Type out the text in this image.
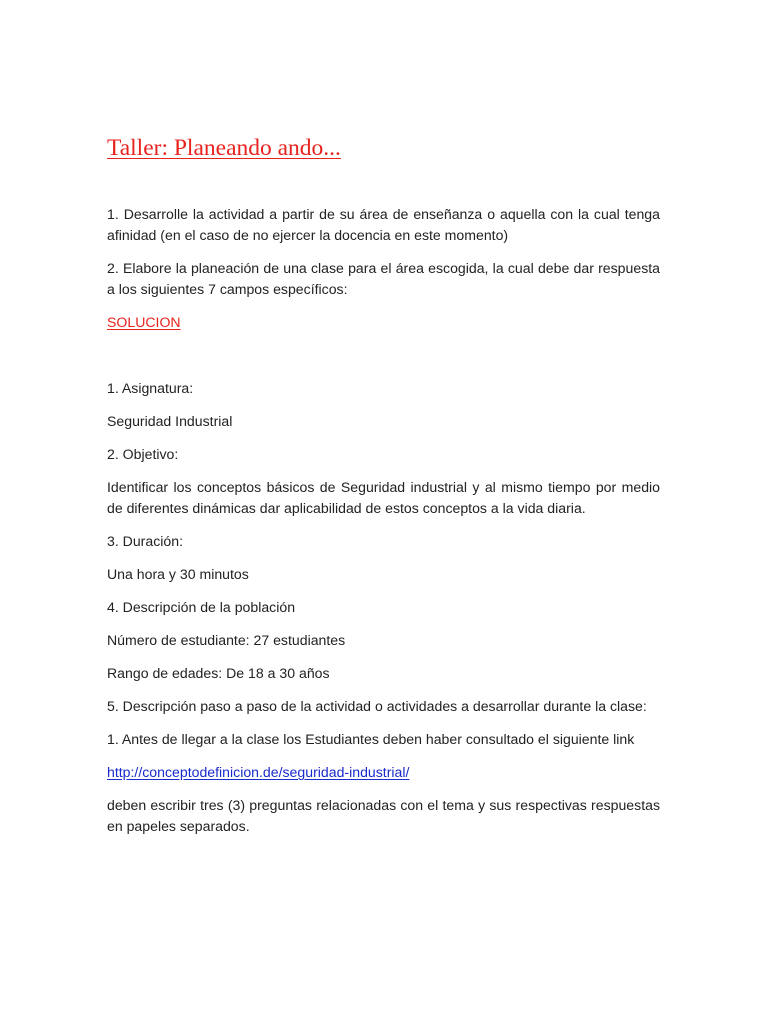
Taller: Planeando ando...

1. Desarrolle la actividad a partir de su área de enseñanza o aquella con la cual tenga afinidad (en el caso de no ejercer la docencia en este momento)

2. Elabore la planeación de una clase para el área escogida, la cual debe dar respuesta a los siguientes 7 campos específicos:

SOLUCION

1. Asignatura:

Seguridad Industrial

2. Objetivo:

Identificar los conceptos básicos de Seguridad industrial y al mismo tiempo por medio de diferentes dinámicas dar aplicabilidad de estos conceptos a la vida diaria.

3. Duración:

Una hora y 30 minutos

4. Descripción de la población

Número de estudiante: 27 estudiantes

Rango de edades: De 18 a 30 años

5. Descripción paso a paso de la actividad o actividades a desarrollar durante la clase:

1. Antes de llegar a la clase los Estudiantes deben haber consultado el siguiente link

http://conceptodefinicion.de/seguridad-industrial/

deben escribir tres (3) preguntas relacionadas con el tema y sus respectivas respuestas en papeles separados.
